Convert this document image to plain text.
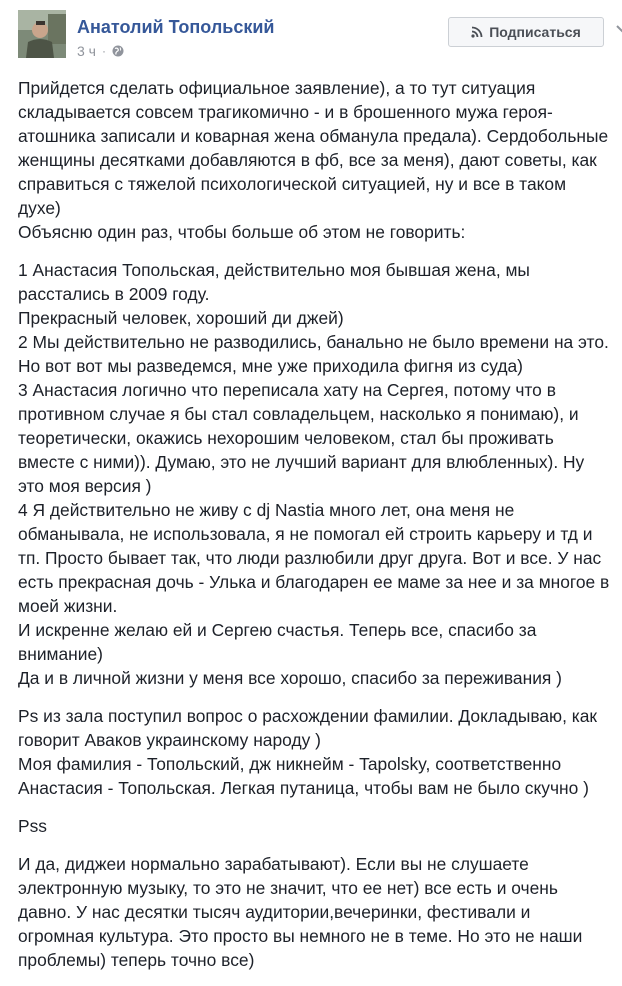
Анатолий Топольский
3 ч ·
Подписаться

Прийдется сделать официальное заявление), а то тут ситуация
складывается совсем трагикомично - и в брошенного мужа героя-
атошника записали и коварная жена обманула предала). Сердобольные
женщины десятками добавляются в фб, все за меня), дают советы, как
справиться с тяжелой психологической ситуацией, ну и все в таком
духе)
Объясню один раз, чтобы больше об этом не говорить:

1 Анастасия Топольская, действительно моя бывшая жена, мы
расстались в 2009 году.
Прекрасный человек, хороший ди джей)
2 Мы действительно не разводились, банально не было времени на это.
Но вот вот мы разведемся, мне уже приходила фигня из суда)
3 Анастасия логично что переписала хату на Сергея, потому что в
противном случае я бы стал совладельцем, насколько я понимаю), и
теоретически, окажись нехорошим человеком, стал бы проживать
вместе с ними)). Думаю, это не лучший вариант для влюбленных). Ну
это моя версия )
4 Я действительно не живу с dj Nastia много лет, она меня не
обманывала, не использовала, я не помогал ей строить карьеру и тд и
тп. Просто бывает так, что люди разлюбили друг друга. Вот и все. У нас
есть прекрасная дочь - Улька и благодарен ее маме за нее и за многое в
моей жизни.
И искренне желаю ей и Сергею счастья. Теперь все, спасибо за
внимание)
Да и в личной жизни у меня все хорошо, спасибо за переживания )

Ps из зала поступил вопрос о расхождении фамилии. Докладываю, как
говорит Аваков украинскому народу )
Моя фамилия - Топольский, дж никнейм - Tapolsky, соответственно
Анастасия - Топольская. Легкая путаница, чтобы вам не было скучно )

Pss

И да, диджеи нормально зарабатывают). Если вы не слушаете
электронную музыку, то это не значит, что ее нет) все есть и очень
давно. У нас десятки тысяч аудитории,вечеринки, фестивали и
огромная культура. Это просто вы немного не в теме. Но это не наши
проблемы) теперь точно все)
